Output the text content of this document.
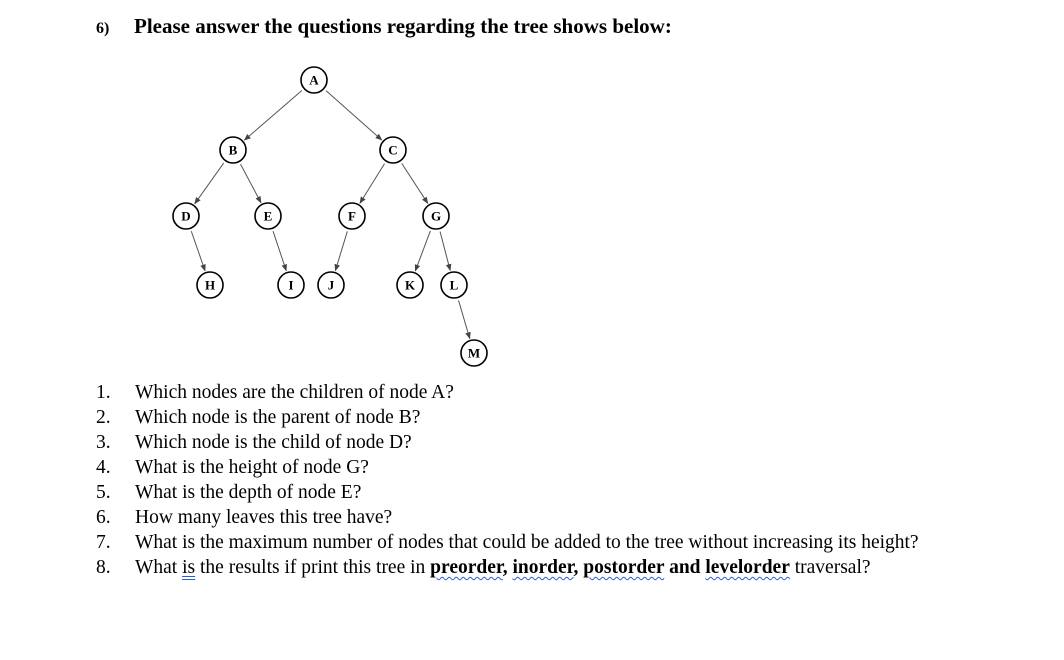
6) Please answer the questions regarding the tree shows below:
A
B	C
D	E	F	G
H	I	J	K	L
M
1.	Which nodes are the children of node A?
2.	Which node is the parent of node B?
3.	Which node is the child of node D?
4.	What is the height of node G?
5.	What is the depth of node E?
6.	How many leaves this tree have?
7.	What is the maximum number of nodes that could be added to the tree without increasing its height?
8.	What is the results if print this tree in preorder, inorder, postorder and levelorder traversal?
